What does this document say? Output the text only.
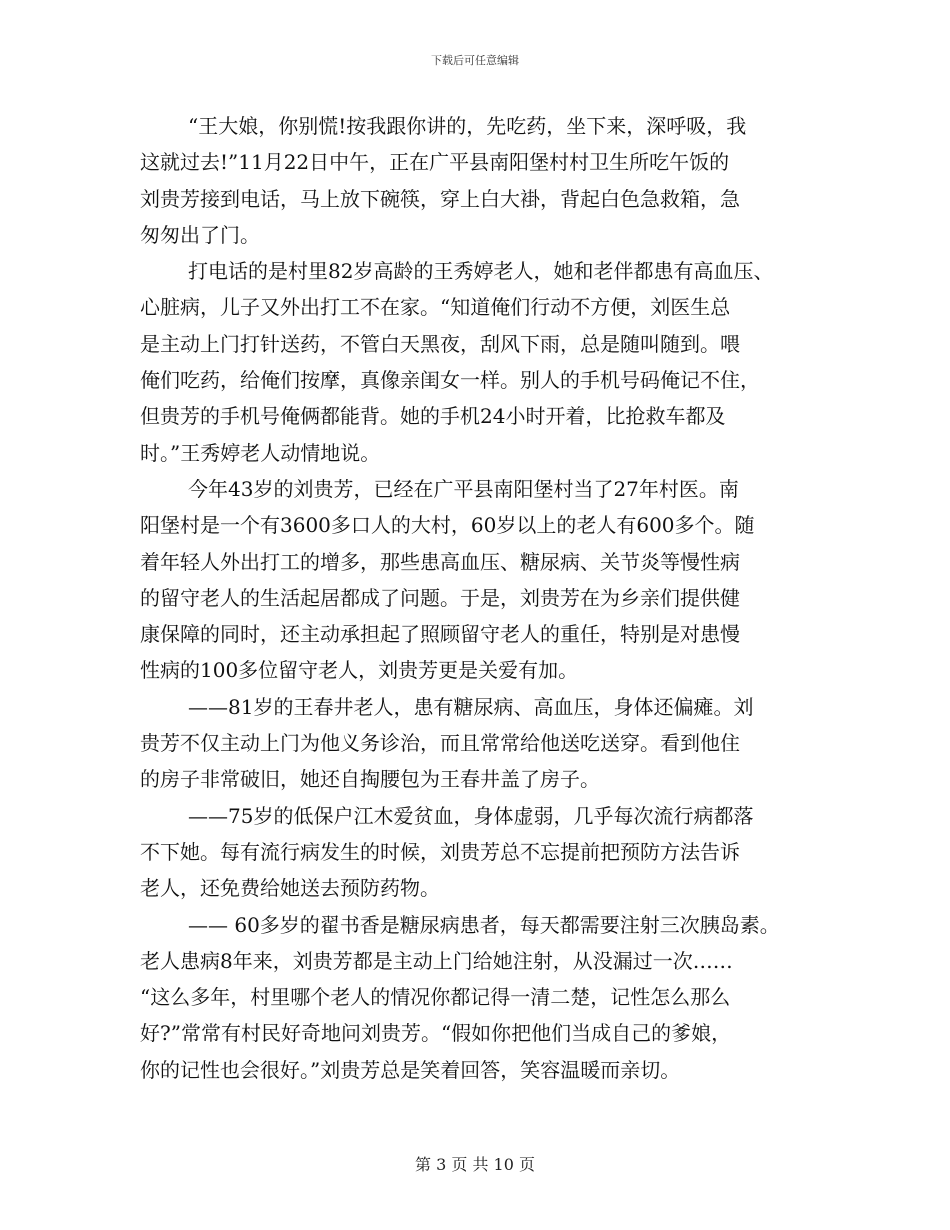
下载后可任意编辑
“王大娘，你别慌!按我跟你讲的，先吃药，坐下来，深呼吸，我
这就过去!”11月22日中午，正在广平县南阳堡村村卫生所吃午饭的
刘贵芳接到电话，马上放下碗筷，穿上白大褂，背起白色急救箱，急
匆匆出了门。
打电话的是村里82岁高龄的王秀婷老人，她和老伴都患有高血压、
心脏病，儿子又外出打工不在家。“知道俺们行动不方便，刘医生总
是主动上门打针送药，不管白天黑夜，刮风下雨，总是随叫随到。喂
俺们吃药，给俺们按摩，真像亲闺女一样。别人的手机号码俺记不住，
但贵芳的手机号俺俩都能背。她的手机24小时开着，比抢救车都及
时。”王秀婷老人动情地说。
今年43岁的刘贵芳，已经在广平县南阳堡村当了27年村医。南
阳堡村是一个有3600多口人的大村，60岁以上的老人有600多个。随
着年轻人外出打工的增多，那些患高血压、糖尿病、关节炎等慢性病
的留守老人的生活起居都成了问题。于是，刘贵芳在为乡亲们提供健
康保障的同时，还主动承担起了照顾留守老人的重任，特别是对患慢
性病的100多位留守老人，刘贵芳更是关爱有加。
——81岁的王春井老人，患有糖尿病、高血压，身体还偏瘫。刘
贵芳不仅主动上门为他义务诊治，而且常常给他送吃送穿。看到他住
的房子非常破旧，她还自掏腰包为王春井盖了房子。
——75岁的低保户江木爱贫血，身体虚弱，几乎每次流行病都落
不下她。每有流行病发生的时候，刘贵芳总不忘提前把预防方法告诉
老人，还免费给她送去预防药物。
—— 60多岁的翟书香是糖尿病患者，每天都需要注射三次胰岛素。
老人患病8年来，刘贵芳都是主动上门给她注射，从没漏过一次……
“这么多年，村里哪个老人的情况你都记得一清二楚，记性怎么那么
好?”常常有村民好奇地问刘贵芳。“假如你把他们当成自己的爹娘，
你的记性也会很好。”刘贵芳总是笑着回答，笑容温暖而亲切。
第 3 页 共 10 页
